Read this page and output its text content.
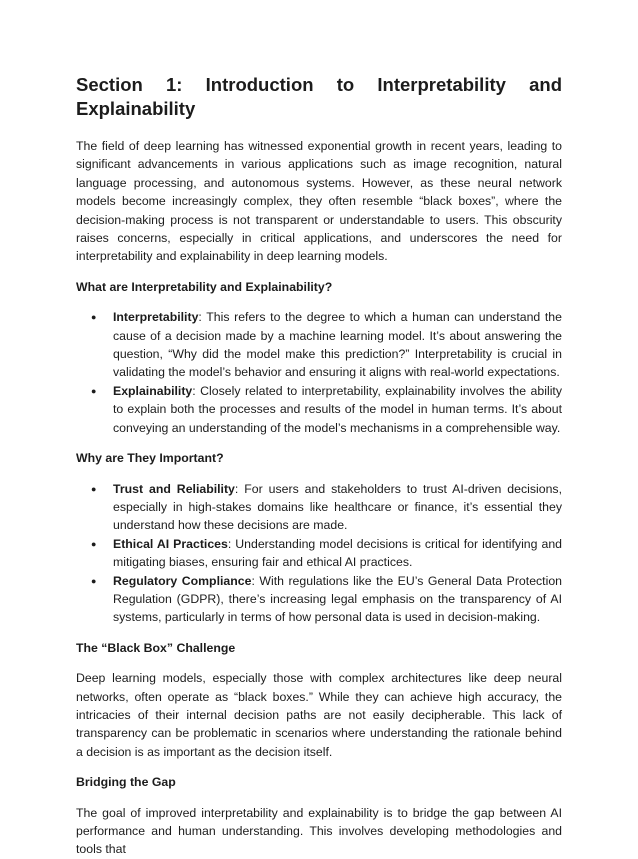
Section 1: Introduction to Interpretability and
Explainability

The field of deep learning has witnessed exponential growth in recent years, leading to significant advancements in various applications such as image recognition, natural language processing, and autonomous systems. However, as these neural network models become increasingly complex, they often resemble “black boxes”, where the decision-making process is not transparent or understandable to users. This obscurity raises concerns, especially in critical applications, and underscores the need for interpretability and explainability in deep learning models.

What are Interpretability and Explainability?
● Interpretability: This refers to the degree to which a human can understand the cause of a decision made by a machine learning model. It’s about answering the question, “Why did the model make this prediction?” Interpretability is crucial in validating the model’s behavior and ensuring it aligns with real-world expectations.
● Explainability: Closely related to interpretability, explainability involves the ability to explain both the processes and results of the model in human terms. It’s about conveying an understanding of the model’s mechanisms in a comprehensible way.
Why are They Important?
● Trust and Reliability: For users and stakeholders to trust AI-driven decisions, especially in high-stakes domains like healthcare or finance, it’s essential they understand how these decisions are made.
● Ethical AI Practices: Understanding model decisions is critical for identifying and mitigating biases, ensuring fair and ethical AI practices.
● Regulatory Compliance: With regulations like the EU’s General Data Protection Regulation (GDPR), there’s increasing legal emphasis on the transparency of AI systems, particularly in terms of how personal data is used in decision-making.
The “Black Box” Challenge

Deep learning models, especially those with complex architectures like deep neural networks, often operate as “black boxes.” While they can achieve high accuracy, the intricacies of their internal decision paths are not easily decipherable. This lack of transparency can be problematic in scenarios where understanding the rationale behind a decision is as important as the decision itself.

Bridging the Gap

The goal of improved interpretability and explainability is to bridge the gap between AI performance and human understanding. This involves developing methodologies and tools that
